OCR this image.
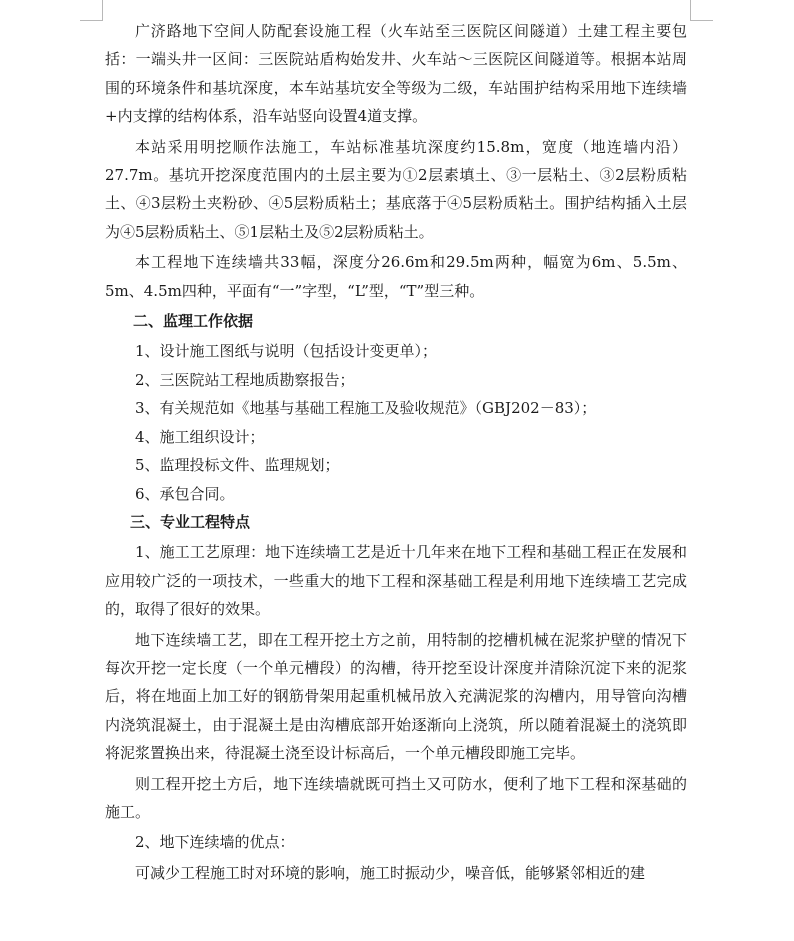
广济路地下空间人防配套设施工程（火车站至三医院区间隧道）土建工程主要包括：一端头井一区间：三医院站盾构始发井、火车站～三医院区间隧道等。根据本站周围的环境条件和基坑深度，本车站基坑安全等级为二级，车站围护结构采用地下连续墙+内支撑的结构体系，沿车站竖向设置4道支撑。

本站采用明挖顺作法施工，车站标准基坑深度约15.8m，宽度（地连墙内沿）27.7m。基坑开挖深度范围内的土层主要为①2层素填土、③一层粘土、③2层粉质粘土、④3层粉土夹粉砂、④5层粉质粘土；基底落于④5层粉质粘土。围护结构插入土层为④5层粉质粘土、⑤1层粘土及⑤2层粉质粘土。

本工程地下连续墙共33幅，深度分26.6m和29.5m两种，幅宽为6m、5.5m、5m、4.5m四种，平面有“一”字型，“L”型，“T”型三种。

二、监理工作依据

1、设计施工图纸与说明（包括设计变更单）；

2、三医院站工程地质勘察报告；

3、有关规范如《地基与基础工程施工及验收规范》（GBJ202－83）；

4、施工组织设计；

5、监理投标文件、监理规划；

6、承包合同。

三、专业工程特点

1、施工工艺原理：地下连续墙工艺是近十几年来在地下工程和基础工程正在发展和应用较广泛的一项技术，一些重大的地下工程和深基础工程是利用地下连续墙工艺完成的，取得了很好的效果。

地下连续墙工艺，即在工程开挖土方之前，用特制的挖槽机械在泥浆护壁的情况下每次开挖一定长度（一个单元槽段）的沟槽，待开挖至设计深度并清除沉淀下来的泥浆后，将在地面上加工好的钢筋骨架用起重机械吊放入充满泥浆的沟槽内，用导管向沟槽内浇筑混凝土，由于混凝土是由沟槽底部开始逐渐向上浇筑，所以随着混凝土的浇筑即将泥浆置换出来，待混凝土浇至设计标高后，一个单元槽段即施工完毕。

则工程开挖土方后，地下连续墙就既可挡土又可防水，便利了地下工程和深基础的施工。

2、地下连续墙的优点：

可减少工程施工时对环境的影响，施工时振动少，噪音低，能够紧邻相近的建
